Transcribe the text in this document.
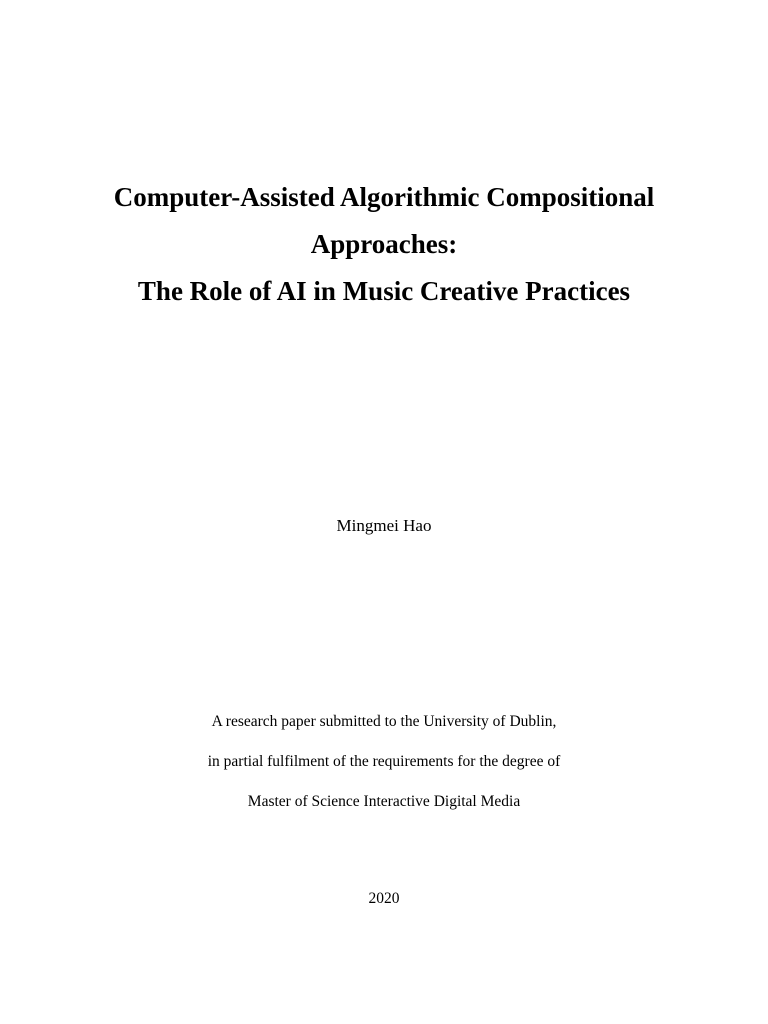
Computer-Assisted Algorithmic Compositional
Approaches:
The Role of AI in Music Creative Practices
Mingmei Hao
A research paper submitted to the University of Dublin,
in partial fulfilment of the requirements for the degree of
Master of Science Interactive Digital Media
2020
